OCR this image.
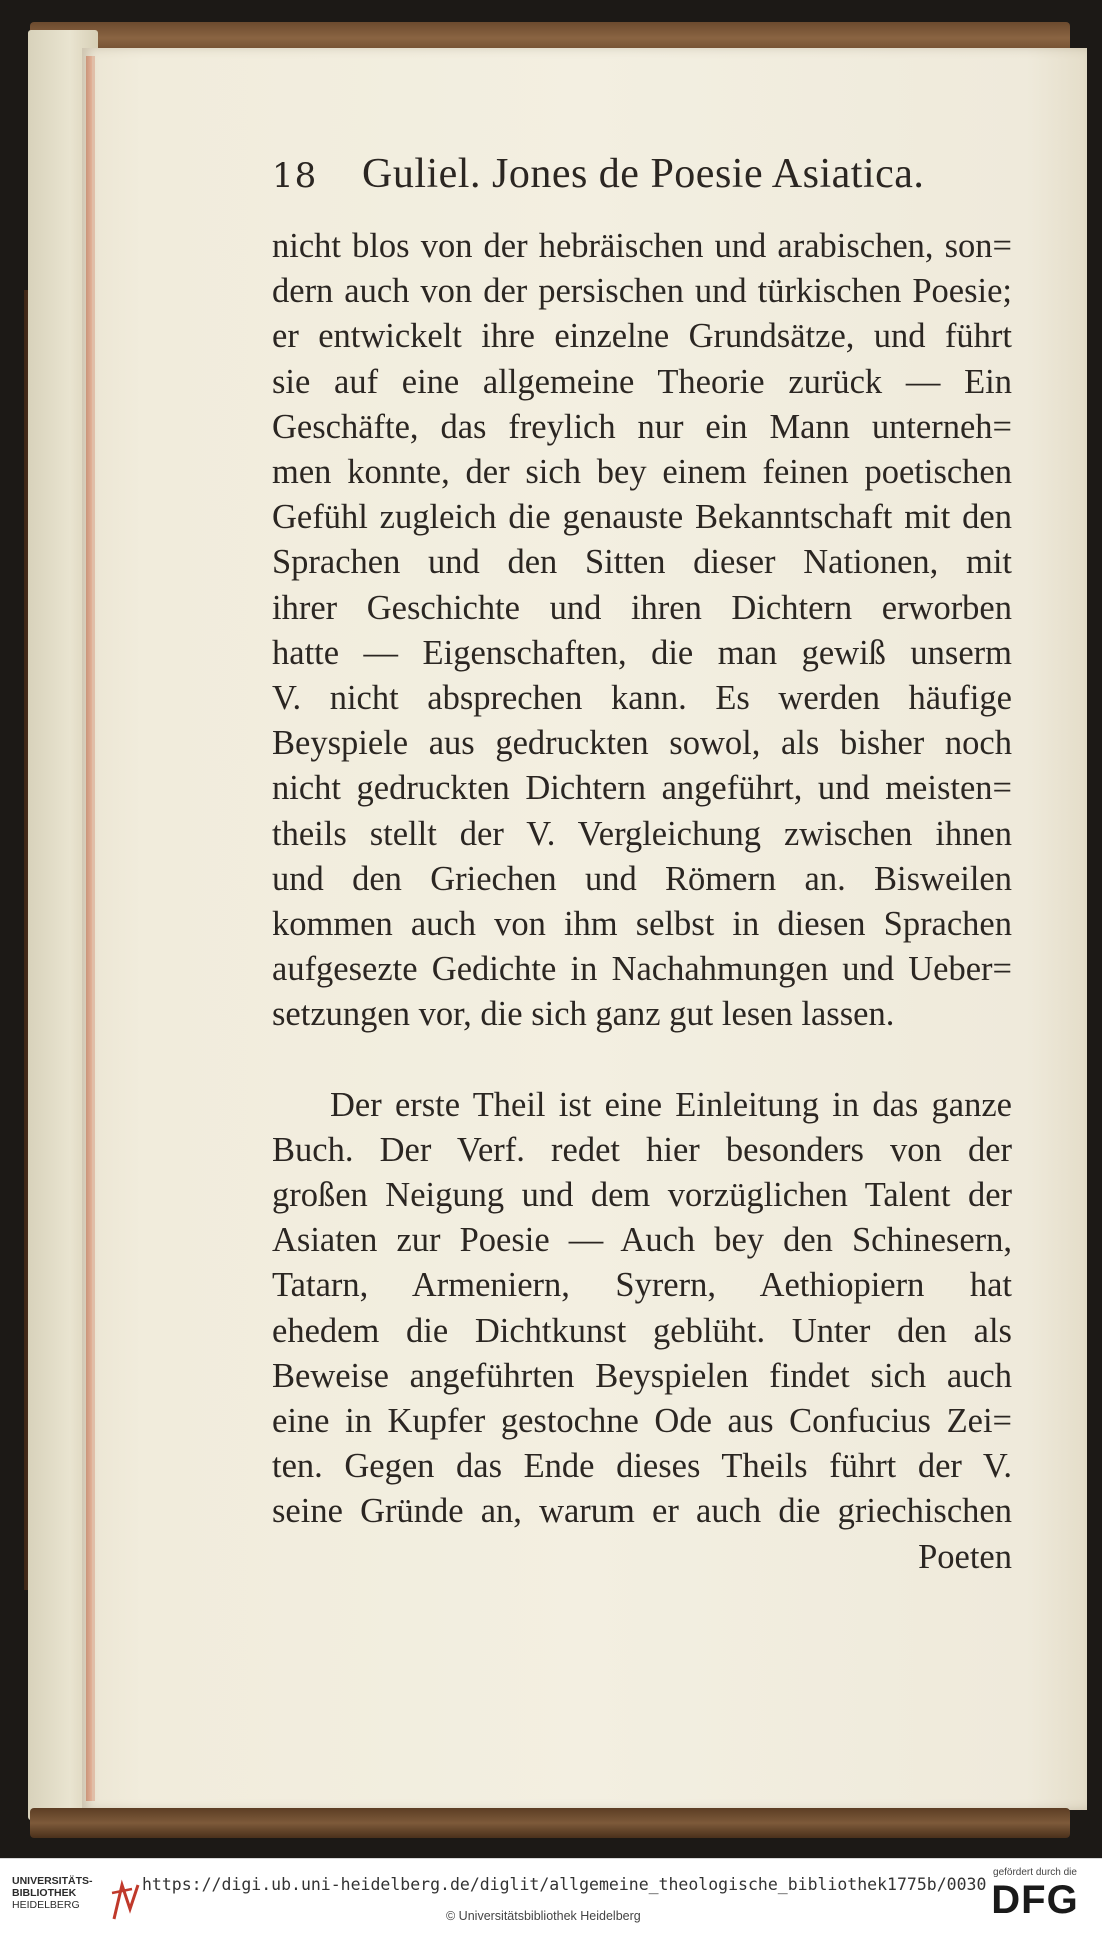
18	Guliel. Jones de Poesie Asiatica.

nicht blos von der hebräischen und arabischen, son=
dern auch von der persischen und türkischen Poesie;
er entwickelt ihre einzelne Grundsätze, und führt
sie auf eine allgemeine Theorie zurück — Ein
Geschäfte, das freylich nur ein Mann unterneh=
men konnte, der sich bey einem feinen poetischen
Gefühl zugleich die genauste Bekanntschaft mit den
Sprachen und den Sitten dieser Nationen, mit
ihrer Geschichte und ihren Dichtern erworben
hatte — Eigenschaften, die man gewiß unserm
V. nicht absprechen kann. Es werden häufige
Beyspiele aus gedruckten sowol, als bisher noch
nicht gedruckten Dichtern angeführt, und meisten=
theils stellt der V. Vergleichung zwischen ihnen
und den Griechen und Römern an. Bisweilen
kommen auch von ihm selbst in diesen Sprachen
aufgesezte Gedichte in Nachahmungen und Ueber=
setzungen vor, die sich ganz gut lesen lassen.

Der erste Theil ist eine Einleitung in das ganze
Buch. Der Verf. redet hier besonders von der
großen Neigung und dem vorzüglichen Talent der
Asiaten zur Poesie — Auch bey den Schinesern,
Tatarn, Armeniern, Syrern, Aethiopiern hat
ehedem die Dichtkunst geblüht. Unter den als
Beweise angeführten Beyspielen findet sich auch
eine in Kupfer gestochne Ode aus Confucius Zei=
ten. Gegen das Ende dieses Theils führt der V.
seine Gründe an, warum er auch die griechischen

Poeten
UNIVERSITÄTS-
BIBLIOTHEK
HEIDELBERG
https://digi.ub.uni-heidelberg.de/diglit/allgemeine_theologische_bibliothek1775b/0030
© Universitätsbibliothek Heidelberg
gefördert durch die
DFG
